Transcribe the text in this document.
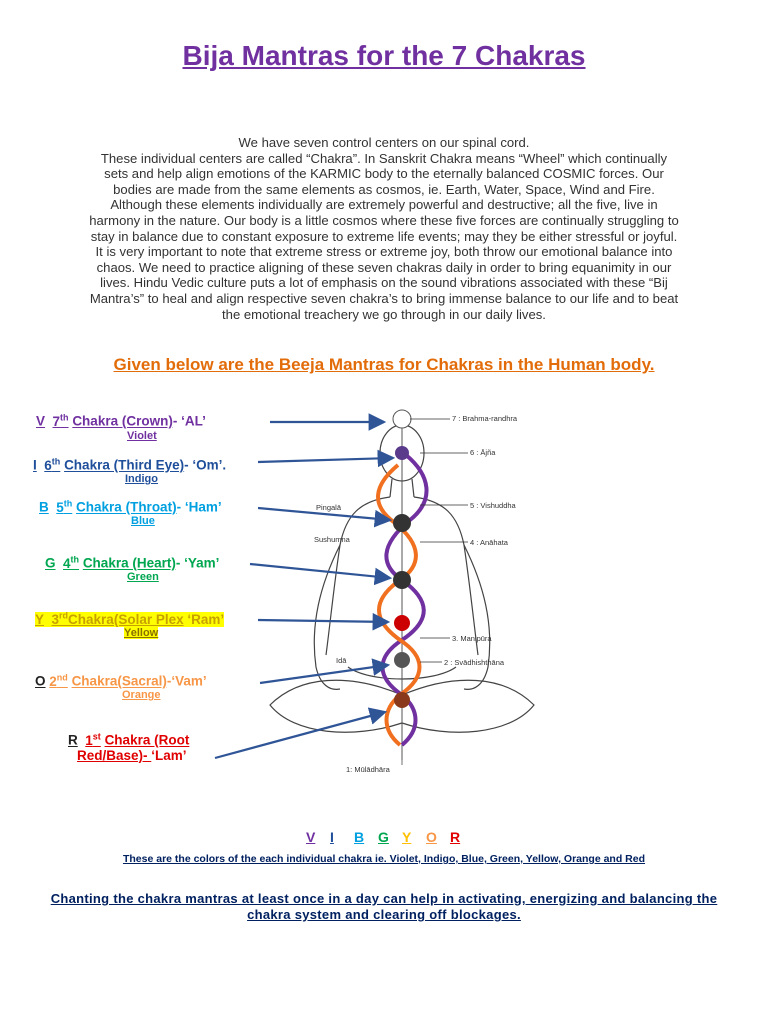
Bija Mantras for the 7 Chakras
We have seven control centers on our spinal cord.
These individual centers are called “Chakra”. In Sanskrit Chakra means “Wheel” which continually
sets and help align emotions of the KARMIC body to the eternally balanced COSMIC forces. Our
bodies are made from the same elements as cosmos, ie. Earth, Water, Space, Wind and Fire.
Although these elements individually are extremely powerful and destructive; all the five, live in
harmony in the nature. Our body is a little cosmos where these five forces are continually struggling to
stay in balance due to constant exposure to extreme life events; may they be either stressful or joyful.
It is very important to note that extreme stress or extreme joy, both throw our emotional balance into
chaos. We need to practice aligning of these seven chakras daily in order to bring equanimity in our
lives. Hindu Vedic culture puts a lot of emphasis on the sound vibrations associated with these “Bij
Mantra’s” to heal and align respective seven chakra’s to bring immense balance to our life and to beat
the emotional treachery we go through in our daily lives.
Given below are the Beeja Mantras for Chakras in the Human body.
V 7th Chakra (Crown)- ‘AL’
Violet
I 6th Chakra (Third Eye)- ‘Om’.
Indigo
B 5th Chakra (Throat)- ‘Ham’
Blue
G 4th Chakra (Heart)- ‘Yam’
Green
Y 3rdChakra(Solar Plex ‘Ram’
Yellow
O 2nd Chakra(Sacral)-‘Vam’
Orange
R 1st Chakra (Root
Red/Base)- ‘Lam’
7 : Brahma-randhra
6 : Ājña
5 : Vishuddha
4 : Anāhata
3. Manipūra
2 : Svādhishthāna
1: Mūlādhāra
Pingalā
Sushumna
Idā
V I B G Y O R

These are the colors of the each individual chakra ie. Violet, Indigo, Blue, Green, Yellow, Orange and Red

Chanting the chakra mantras at least once in a day can help in activating, energizing and balancing the chakra system and clearing off blockages.
